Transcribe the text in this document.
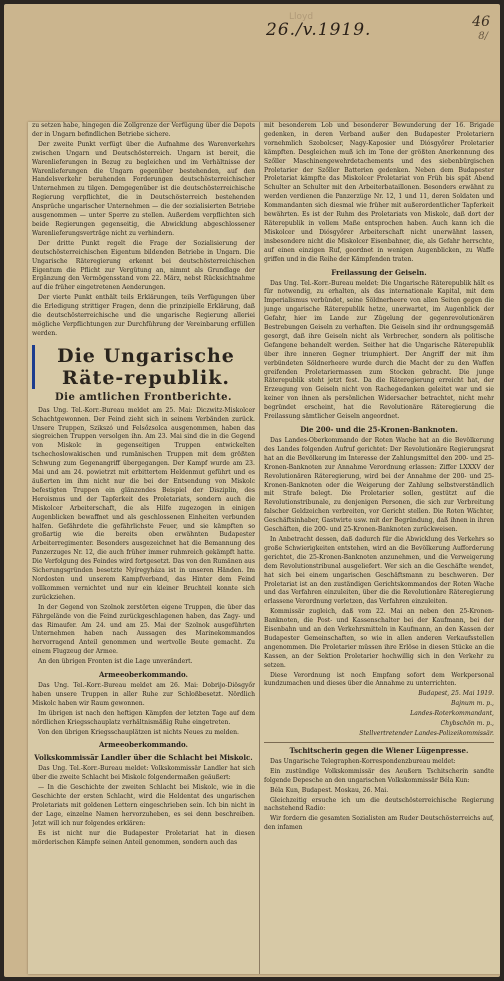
Lloyd
26./v.1919.	46
8/

zu setzen habe, hingegen die Zollgrenze der Verfügung über die Depots der in Ungarn befindlichen Betriebe sichere.

Der zweite Punkt verfügt über die Aufnahme des Warenverkehrs zwischen Ungarn und Deutschösterreich. Ungarn ist bereit, die Warenlieferungen in Bezug zu begleichen und im Verhältnisse der Warenlieferungen die Ungarn gegenüber bestehenden, auf den Handelsverkehr beruhenden Forderungen deutschösterreichischer Unternehmen zu tilgen. Demgegenüber ist die deutschösterreichische Regierung verpflichtet, die in Deutschösterreich bestehenden Ansprüche ungarischer Unternehmen — die der sozialisierten Betriebe ausgenommen — unter Sperre zu stellen. Außerdem verpflichten sich beide Regierungen gegenseitig, die Abwicklung abgeschlossener Warenlieferungsverträge nicht zu verhindern.

Der dritte Punkt regelt die Frage der Sozialisierung der deutschösterreichischen Eigentum bildenden Betriebe in Ungarn. Die Ungarische Räteregierung erkennt bei deutschösterreichischen Eigentum die Pflicht zur Vergütung an, nimmt als Grundlage der Ergänzung den Vermögensstand vom 22. März, nebst Rücksichtnahme auf die früher eingetretenen Aenderungen.

Der vierte Punkt enthält teils Erklärungen, teils Verfügungen über die Erledigung strittiger Fragen, denn die prinzipielle Erklärung, daß die deutschösterreichische und die ungarische Regierung alleriei mögliche Verpflichtungen zur Durchführung der Vereinbarung erfüllen werden.

Die Ungarische Räte-republik.
Die amtlichen Frontberichte.

Das Ung. Tel.-Korr.-Bureau meldet am 25. Mai: Diczwitz-Miskolcer Schachtgewonnen. Der Feind zieht sich in seinem Verbänden zurück. Unsere Truppen, Szikszó und Felsőzsolca ausgenommen, haben das siegreichen Truppen versolgen ihn. Am 23. Mai sind die in die Gegend von Miskolc in gegenseitigen Truppen entwickelten tschechoslowakischen und rumänischen Truppen mit dem größten Schwung zum Gegenangriff übergegangen. Der Kampf wurde am 23. Mai und am 24. powietrzt mit erbittertem Heldenmut geführt und es äußerten im ihm nicht nur die bei der Entsendung von Miskolc befestigten Truppen ein glänzendes Beispiel der Disziplin, des Heroismus und der Tapferkeit des Proletariats, sondern auch die Miskolcer Arbeiterschaft, die als Hilfe zugezogen in einigen Augenblicken bewaffnet und als geschlossenen Einheiten verbunden halfen. Gefährdete die gefährlichste Feuer, und sie kämpften so großartig wie die bereits oben erwähnten Budapester Arbeiterregimenter. Besonders ausgezeichnet hat die Bemannung des Panzerzuges Nr. 12, die auch früher immer ruhmreich gekämpft hatte. Die Verfolgung des Feindes wird fortgesetzt. Das von den Rumänen aus Sicherungsgründen besetzte Nyíregyháza ist in unseren Händen. Im Nordosten und unserem Kampfverband, das Hinter dem Feind vollkommen vernichtet und nur ein kleiner Bruchteil konnte sich zurückziehen.

In der Gegend von Szolnok zerstörten eigene Truppen, die über das Fährgelände von die Feind zurückgeschlagenen haben, das Zagy- und das Rimaufer. Am 24. und am 25. Mai der Szolnok ausgeführten Unternehmen haben nach Aussagen des Marinekommandos hervorragend Anteil genommen und wertvolle Beute gemacht. Zu einem Flugzeug der Armee.

An den übrigen Fronten ist die Lage unverändert.

Armeeoberkommando.

Das Ung. Tel.-Korr.-Bureau meldet am 26. Mai: Dobrijo-Diösgyőr haben unsere Truppen in aller Ruhe zur Schloßbesetzt. Nördlich Miskolc haben wir Raum gewonnen.

Im übrigen ist nach den heftigen Kämpfen der letzten Tage auf dem nördlichen Kriegsschauplatz verhältnismäßig Ruhe eingetreten.

Von den übrigen Kriegsschauplätzen ist nichts Neues zu melden.

Armeeoberkommando.
Volkskommissär Landler über die Schlacht bei Miskolc.

Das Ung. Tel.-Korr.-Bureau meldet: Volkskommissär Landler hat sich über die zweite Schlacht bei Miskolc folgendermaßen geäußert:

— In die Geschichte der zweiten Schlacht bei Miskolc, wie in die Geschichte der ersten Schlacht, wird die Heldentat des ungarischen Proletariats mit goldenen Lettern eingeschrieben sein. Ich bin nicht in der Lage, einzelne Namen hervorzuheben, es sei denn beschreiben. Jetzt will ich nur folgendes erklären:

Es ist nicht nur die Budapester Proletariat hat in diesen mörderischen Kämpfe seinen Anteil genommen, sondern auch das

mit besonderem Lob und besonderer Bewunderung der 16. Brigade gedenken, in deren Verband außer den Budapester Proletariern vornehmlich Szobolcser, Nagy-Kaposier und Diósgyőrer Proletarier kämpften. Desgleichen muß ich im Tone der größten Anerkennung des Szőller Maschinengewehrdetachements und des siebenbürgischen Proletarier der Szőller Batterien gedenken. Neben dem Budapester Proletariat kämpfte das Miskolcer Proletariat von Früh bis spät Abend Schulter an Schulter mit den Arbeiterbataillonen. Besonders erwähnt zu werden verdienen die Panzerzüge Nr. 12, 1 und 11, deren Soldaten und Kommandanten sich diesmal wie früher mit außerordentlicher Tapferkeit bewährten. Es ist der Ruhm des Proletariats von Miskolc, daß dort der Räterepublik in vollem Maße entsprochen haben. Auch kann ich die Miskolcer und Diósgyőrer Arbeiterschaft nicht unerwähnt lassen, insbesondere nicht die Miskolcer Eisenbahner, die, als Gefahr herrschte, auf einen einzigen Ruf, geordnet in wenigen Augenblicken, zu Waffe griffen und in die Reihe der Kämpfenden traten.

Freilassung der Geiseln.

Das Ung. Tel.-Korr.-Bureau meldet: Die Ungarische Räterepublik hält es für notwendig, zu erhalten, als das internationale Kapital, mit dem Imperialismus verbündet, seine Söldnerheere von allen Seiten gegen die junge ungarische Räterepublik hetze, unerwartet, im Augenblick der Gefahr, hier im Lande zur Zügelung der gegenrevolutionären Bestrebungen Geiseln zu verhaften. Die Geiseln sind ihr ordnungsgemäß gesorgt, daß ihre Geiseln nicht als Verbrecher, sondern als politische Gefangene behandelt werden. Seither hat die Ungarische Räterepublik über ihre inneren Gegner triumphiert. Der Angriff der mit ihm verbündeten Söldnerheere wurde durch die Macht der zu den Waffen greifenden Proletariermassen zum Stocken gebracht. Die junge Räterepublik steht jetzt fest. Da die Räteregierung erreicht hat, der Erzeugung von Geiseln nicht von Rachegedanken geleitet war und sie keiner von ihnen als persönlichen Widersacher betrachtet, nicht mehr begründet erscheint, hat die Revolutionäre Räteregierung die Freilassung sämtlicher Geiseln angeordnet.

Die 200- und die 25-Kronen-Banknoten.

Das Landes-Oberkommando der Roten Wache hat an die Bevölkerung des Landes folgenden Aufruf gerichtet: Der Revolutionäre Regierungsrat hat an die Bevölkerung im Interesse der Zahlungsmittel den 200- und 25-Kronen-Banknoten zur Annahme Verordnung erlassen: Ziffer LXXXV der Revolutionären Räteregierung, wird bei der Annahme der 200- und 25-Kronen-Banknoten oder die Weigerung der Zahlung selbstverständlich mit Strafe belegt. Die Proletarier sollen, gestützt auf die Revolutionstribunale, zu denjenigen Personen, die sich zur Verbreitung falscher Geldzeichen verbreiten, vor Gericht stellen. Die Roten Wächter, Geschäftsinhaber, Gastwirte usw. mit der Begründung, daß ihnen in ihren Geschäften, die 200- und 25-Kronen-Banknoten zurückweisen.

In Anbetracht dessen, daß dadurch für die Abwicklung des Verkehrs so große Schwierigkeiten entstehen, wird an die Bevölkerung Aufforderung gerichtet, die 25-Kronen-Banknoten anzunehmen, und die Verweigerung dem Revolutionstribunal ausgeliefert. Wer sich an die Geschäfte wendet, hat sich bei einem ungarischen Geschäftsmann zu beschweren. Der Proletariat ist an den zuständigen Gerichtskommandos der Roten Wache und das Verfahren einzuleiten, über die die Revolutionäre Räteregierung erlassene Verordnung verletzen, das Verfahren einzuleiten.

Kommissär zugleich, daß vom 22. Mai an neben den 25-Kronen-Banknoten, die Post- und Kassenschalter bei der Kaufmann, bei der Eisenbahn und an den Verkehrsmitteln in Kaufmann, an den Kassen der Budapester Gemeinschaften, so wie in allen anderen Verkaufsstellen angenommen. Die Proletarier müssen ihre Erlöse in diesen Stücke an die Kassen, an der Sektion Proletarier hochwillig sich in den Verkehr zu setzen.

Diese Verordnung ist noch Empfang sofort dem Werkpersonal kundzumachen und dieses über die Annahme zu unterrichten.

Budapest, 25. Mai 1919.

Bajnum m. p.,

Landes-Roterkommandant,

Chybschön m. p.,

Stellvertretender Landes-Polizeikommissär.

Tschitscherin gegen die Wiener Lügenpresse.

Das Ungarische Telegraphen-Korrespondenzbureau meldet:

Ein zustündige Volkskommissär des Aeußern Tschitscherin sandte folgende Depesche an den ungarischen Volkskommissär Béla Kun:

Béla Kun, Budapest. Moskau, 26. Mai.

Gleichzeitig ersuche ich um die deutschösterreichische Regierung nachstehend Radio:

Wir fordern die gesamten Sozialisten am Ruder Deutschösterreichs auf, den infamen
